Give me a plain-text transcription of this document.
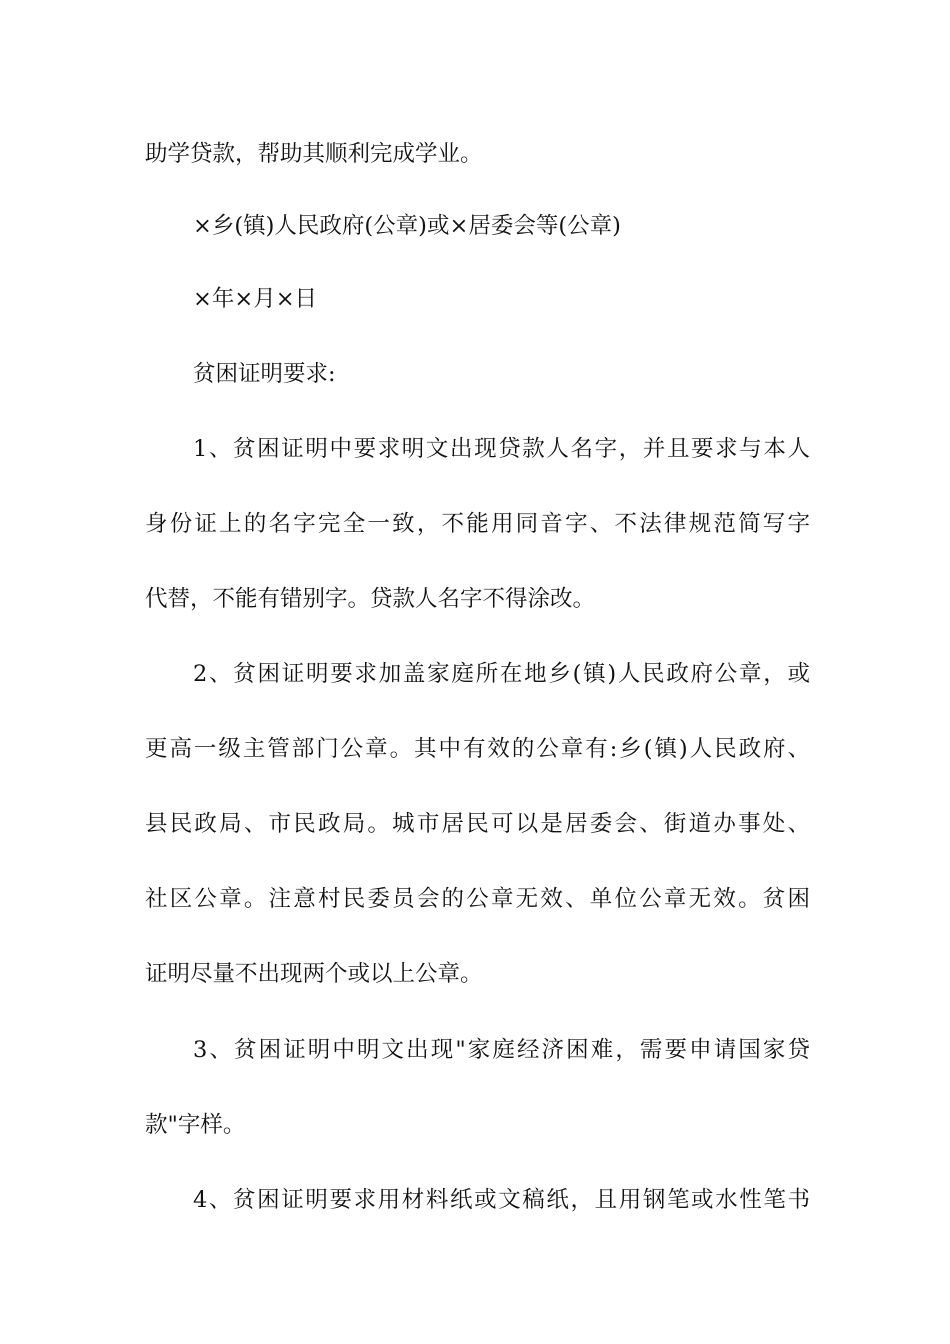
助学贷款，帮助其顺利完成学业。
×乡(镇)人民政府(公章)或×居委会等(公章)
×年×月×日
贫困证明要求:
1、贫困证明中要求明文出现贷款人名字，并且要求与本人
身份证上的名字完全一致，不能用同音字、不法律规范简写字
代替，不能有错别字。贷款人名字不得涂改。
2、贫困证明要求加盖家庭所在地乡(镇)人民政府公章，或
更高一级主管部门公章。其中有效的公章有:乡(镇)人民政府、
县民政局、市民政局。城市居民可以是居委会、街道办事处、
社区公章。注意村民委员会的公章无效、单位公章无效。贫困
证明尽量不出现两个或以上公章。
3、贫困证明中明文出现"家庭经济困难，需要申请国家贷
款"字样。
4、贫困证明要求用材料纸或文稿纸，且用钢笔或水性笔书
